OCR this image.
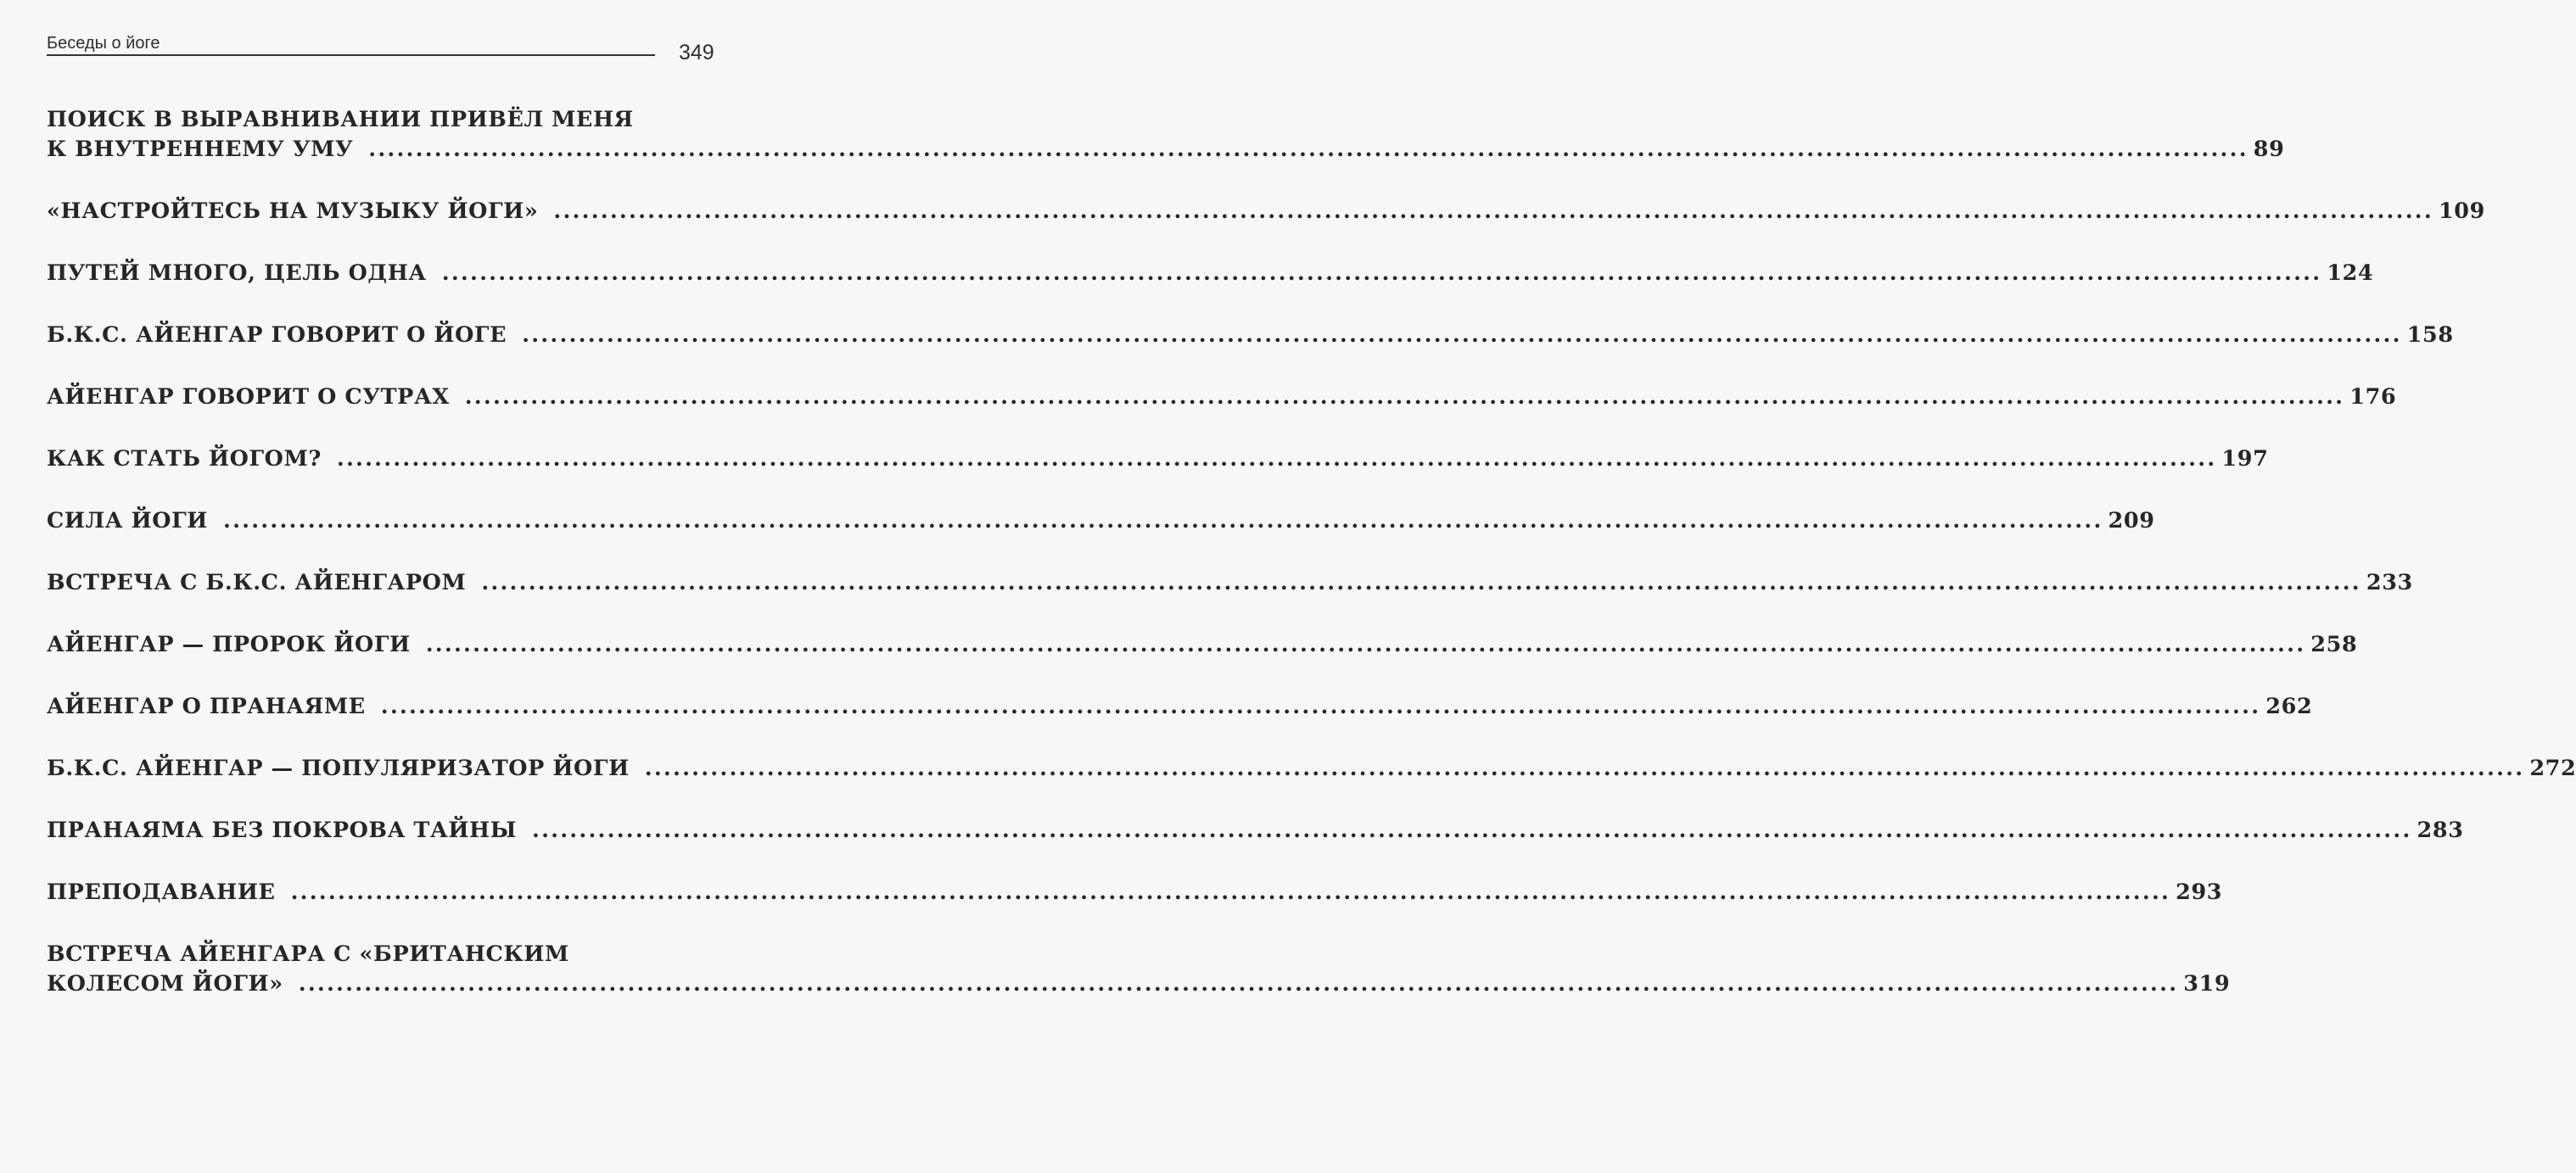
Беседы о йоге	349
ПОИСК В ВЫРАВНИВАНИИ ПРИВЁЛ МЕНЯ
К ВНУТРЕННЕМУ УМУ ........................................................................................................................................................................................................ 89
«НАСТРОЙТЕСЬ НА МУЗЫКУ ЙОГИ» ........................................................................................................................................................................................................ 109
ПУТЕЙ МНОГО, ЦЕЛЬ ОДНА ........................................................................................................................................................................................................ 124
Б.К.С. АЙЕНГАР ГОВОРИТ О ЙОГЕ ........................................................................................................................................................................................................ 158
АЙЕНГАР ГОВОРИТ О СУТРАХ ........................................................................................................................................................................................................ 176
КАК СТАТЬ ЙОГОМ? ........................................................................................................................................................................................................ 197
СИЛА ЙОГИ ........................................................................................................................................................................................................ 209
ВСТРЕЧА С Б.К.С. АЙЕНГАРОМ ........................................................................................................................................................................................................ 233
АЙЕНГАР — ПРОРОК ЙОГИ ........................................................................................................................................................................................................ 258
АЙЕНГАР О ПРАНАЯМЕ ........................................................................................................................................................................................................ 262
Б.К.С. АЙЕНГАР — ПОПУЛЯРИЗАТОР ЙОГИ ........................................................................................................................................................................................................ 272
ПРАНАЯМА БЕЗ ПОКРОВА ТАЙНЫ ........................................................................................................................................................................................................ 283
ПРЕПОДАВАНИЕ ........................................................................................................................................................................................................ 293
ВСТРЕЧА АЙЕНГАРА С «БРИТАНСКИМ
КОЛЕСОМ ЙОГИ» ........................................................................................................................................................................................................ 319
